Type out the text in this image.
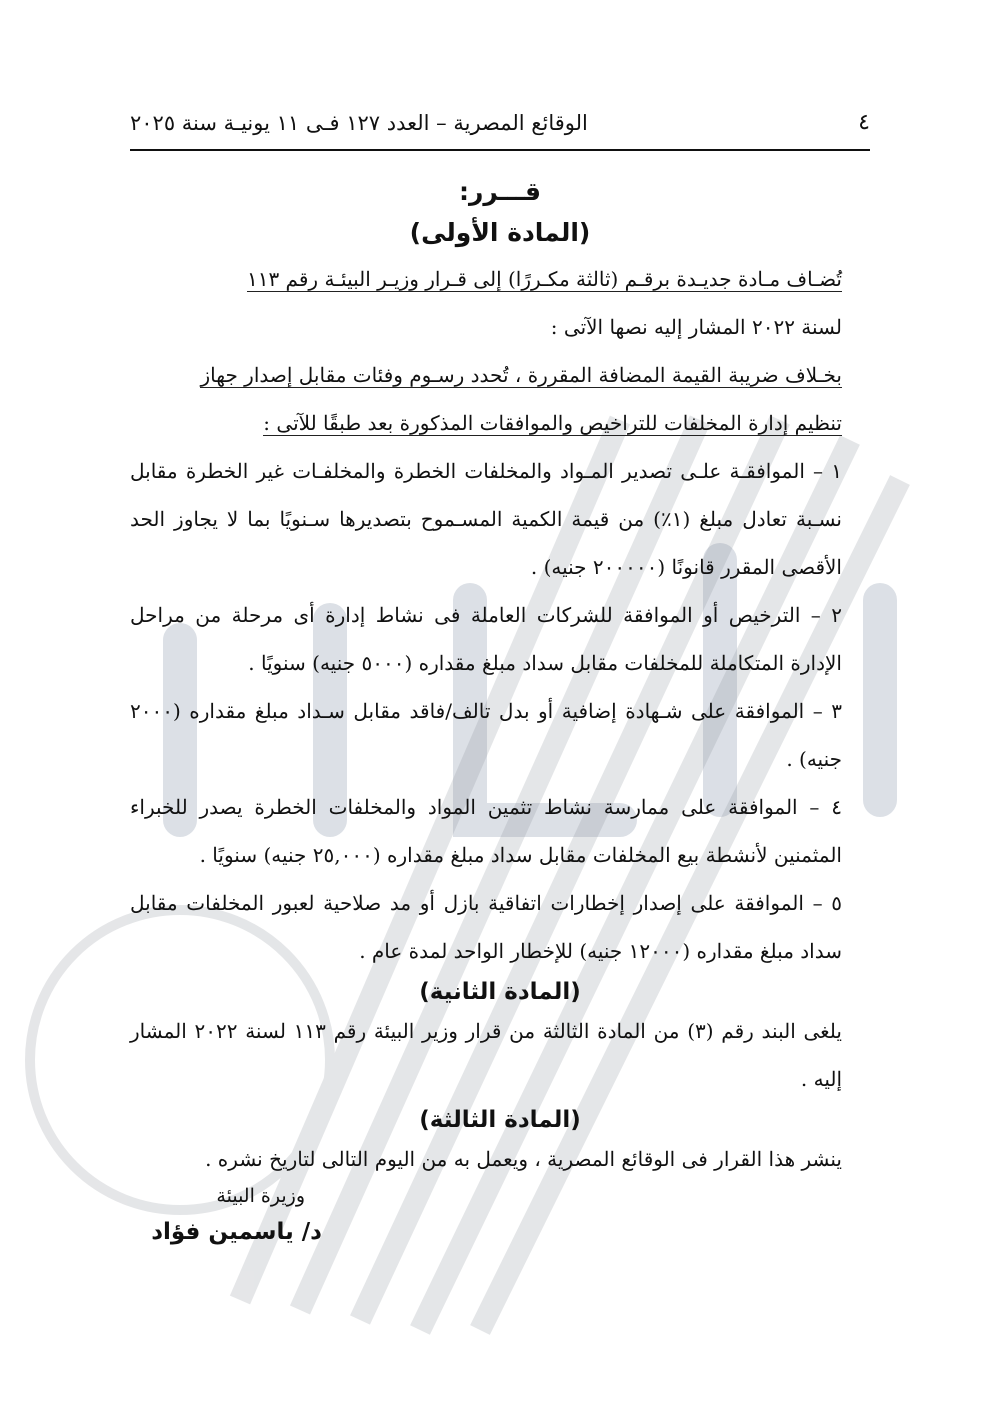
٤
الوقائع المصرية – العدد ١٢٧ فـى ١١ يونيـة سنة ٢٠٢٥

قـــرر:

(المادة الأولى)

تُضـاف مـادة جديـدة برقـم (ثالثة مكـررًا) إلى قـرار وزيـر البيئـة رقم ١١٣
لسنة ٢٠٢٢ المشار إليه نصها الآتى :

بخـلاف ضريبة القيمة المضافة المقررة ، تُحدد رسـوم وفئات مقابل إصدار جهاز
تنظيم إدارة المخلفات للتراخيص والموافقات المذكورة بعد طبقًا للآتى :

١ – الموافقـة علـى تصدير المـواد والمخلفات الخطرة والمخلفـات غير الخطرة مقابل نسـبة تعادل مبلغ (١٪) من قيمة الكمية المسـموح بتصديرها سـنويًا بما لا يجاوز الحد الأقصى المقرر قانونًا (٢٠٠٠٠٠ جنيه) .

٢ – الترخيص أو الموافقة للشركات العاملة فى نشاط إدارة أى مرحلة من مراحل الإدارة المتكاملة للمخلفات مقابل سداد مبلغ مقداره (٥٠٠٠ جنيه) سنويًا .

٣ – الموافقة على شـهادة إضافية أو بدل تالف/فاقد مقابل سـداد مبلغ مقداره (٢٠٠٠ جنيه) .

٤ – الموافقة على ممارسة نشاط تثمين المواد والمخلفات الخطرة يصدر للخبراء المثمنين لأنشطة بيع المخلفات مقابل سداد مبلغ مقداره (٢٥,٠٠٠ جنيه) سنويًا .

٥ – الموافقة على إصدار إخطارات اتفاقية بازل أو مد صلاحية لعبور المخلفات مقابل سداد مبلغ مقداره (١٢٠٠٠ جنيه) للإخطار الواحد لمدة عام .

(المادة الثانية)

يلغى البند رقم (٣) من المادة الثالثة من قرار وزير البيئة رقم ١١٣ لسنة ٢٠٢٢ المشار إليه .

(المادة الثالثة)

ينشر هذا القرار فى الوقائع المصرية ، ويعمل به من اليوم التالى لتاريخ نشره .

وزيرة البيئة
د/ ياسمين فؤاد
